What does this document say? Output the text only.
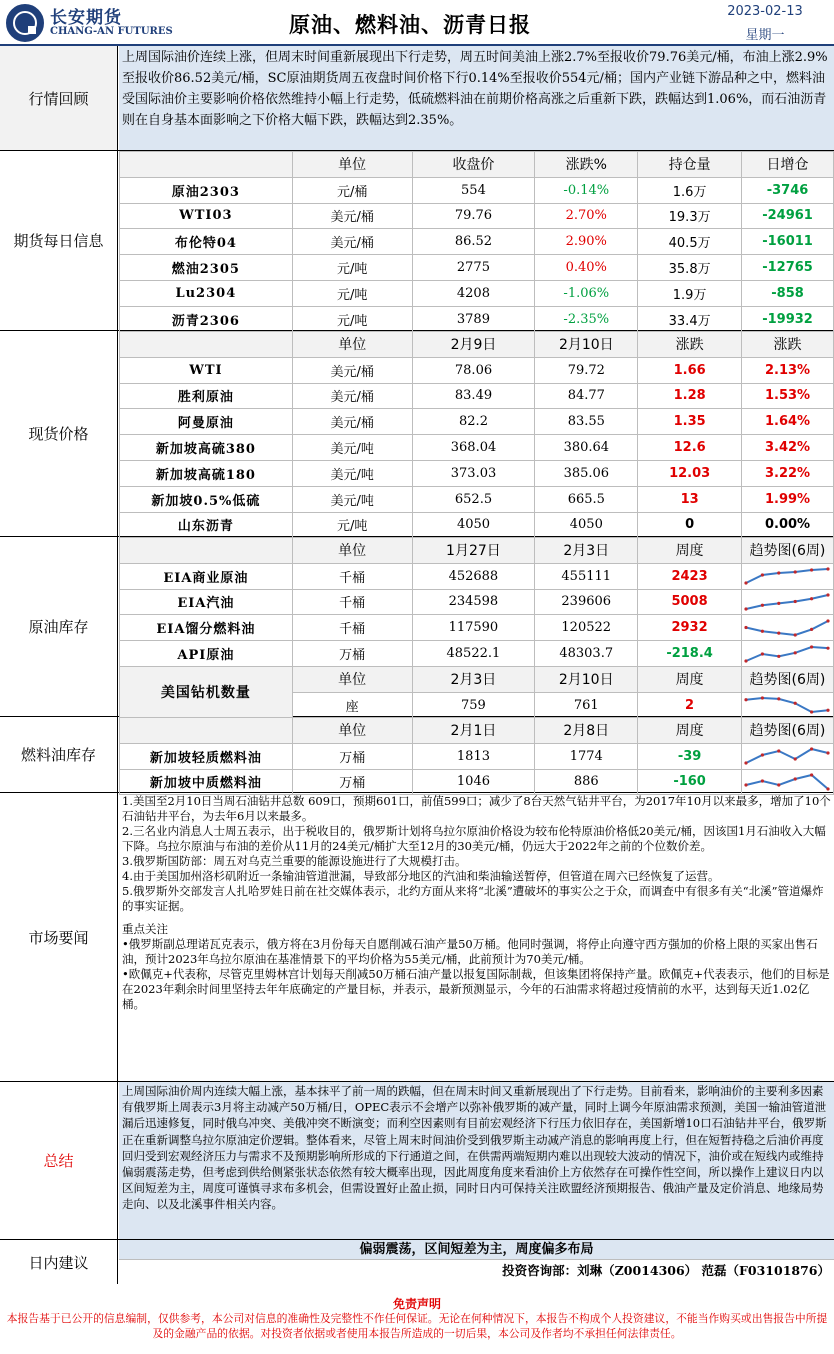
长安期货
CHANG-AN FUTURES	原油、燃料油、沥青日报
2023-02-13
星期一
行情回顾
上周国际油价连续上涨，但周末时间重新展现出下行走势，周五时间美油上涨2.7%至报收价79.76美元/桶，布油上涨2.9%至报收价86.52美元/桶，SC原油期货周五夜盘时间价格下行0.14%至报收价554元/桶；国内产业链下游品种之中，燃料油受国际油价主要影响价格依然维持小幅上行走势，低硫燃料油在前期价格高涨之后重新下跌，跌幅达到1.06%，而石油沥青则在自身基本面影响之下价格大幅下跌，跌幅达到2.35%。
期货每日信息
	单位	收盘价	涨跌%	持仓量	日增仓
原油2303	元/桶	554	-0.14%	1.6万	-3746
WTI03	美元/桶	79.76	2.70%	19.3万	-24961
布伦特04	美元/桶	86.52	2.90%	40.5万	-16011
燃油2305	元/吨	2775	0.40%	35.8万	-12765
Lu2304	元/吨	4208	-1.06%	1.9万	-858
沥青2306	元/吨	3789	-2.35%	33.4万	-19932
现货价格
	单位	2月9日	2月10日	涨跌	涨跌
WTI	美元/桶	78.06	79.72	1.66	2.13%
胜利原油	美元/桶	83.49	84.77	1.28	1.53%
阿曼原油	美元/桶	82.2	83.55	1.35	1.64%
新加坡高硫380	美元/吨	368.04	380.64	12.6	3.42%
新加坡高硫180	美元/吨	373.03	385.06	12.03	3.22%
新加坡0.5%低硫	美元/吨	652.5	665.5	13	1.99%
山东沥青	元/吨	4050	4050	0	0.00%
原油库存
	单位	1月27日	2月3日	周度	趋势图(6周)
EIA商业原油	千桶	452688	455111	2423	

EIA汽油	千桶	234598	239606	5008	

EIA馏分燃料油	千桶	117590	120522	2932	

API原油	万桶	48522.1	48303.7	-218.4	

美国钻机数量	单位	2月3日	2月10日	周度	趋势图(6周)
	座	759	761	2	
燃料油库存
	单位	2月1日	2月8日	周度	趋势图(6周)
新加坡轻质燃料油	万桶	1813	1774	-39	

新加坡中质燃料油	万桶	1046	886	-160	
市场要闻
1.美国至2月10日当周石油钻井总数 609口，预期601口，前值599口；减少了8台天然气钻井平台，为2017年10月以来最多，增加了10个石油钻井平台，为去年6月以来最多。
2.三名业内消息人士周五表示，出于税收目的，俄罗斯计划将乌拉尔原油价格设为较布伦特原油价格低20美元/桶，因该国1月石油收入大幅下降。乌拉尔原油与布油的差价从11月的24美元/桶扩大至12月的30美元/桶，仍远大于2022年之前的个位数价差。
3.俄罗斯国防部：周五对乌克兰重要的能源设施进行了大规模打击。
4.由于美国加州洛杉矶附近一条输油管道泄漏，导致部分地区的汽油和柴油输送暂停，但管道在周六已经恢复了运营。
5.俄罗斯外交部发言人扎哈罗娃日前在社交媒体表示，北约方面从来将“北溪”遭破坏的事实公之于众，而调查中有很多有关“北溪”管道爆炸的事实证据。
重点关注
•俄罗斯副总理诺瓦克表示，俄方将在3月份每天自愿削减石油产量50万桶。他同时强调，将停止向遵守西方强加的价格上限的买家出售石油，预计2023年乌拉尔原油在基准情景下的平均价格为55美元/桶，此前预计为70美元/桶。
•欧佩克+代表称，尽管克里姆林宫计划每天削减50万桶石油产量以报复国际制裁，但该集团将保持产量。欧佩克+代表表示，他们的目标是在2023年剩余时间里坚持去年年底确定的产量目标，并表示，最新预测显示，今年的石油需求将超过疫情前的水平，达到每天近1.02亿桶。
总结
上周国际油价周内连续大幅上涨，基本抹平了前一周的跌幅，但在周末时间又重新展现出了下行走势。目前看来，影响油价的主要利多因素有俄罗斯上周表示3月将主动减产50万桶/日，OPEC表示不会增产以弥补俄罗斯的减产量，同时上调今年原油需求预测，美国一输油管道泄漏后迅速修复，同时俄乌冲突、美俄冲突不断演变；而利空因素则有目前宏观经济下行压力依旧存在，美国新增10口石油钻井平台，俄罗斯正在重新调整乌拉尔原油定价逻辑。整体看来，尽管上周末时间油价受到俄罗斯主动减产消息的影响再度上行，但在短暂持稳之后油价再度回归受到宏观经济压力与需求不及预期影响所形成的下行通道之间，在供需两端短期内难以出现较大波动的情况下，油价或在短线内或维持偏弱震荡走势，但考虑到供给侧紧张状态依然有较大概率出现，因此周度角度来看油价上方依然存在可操作性空间，所以操作上建议日内以区间短差为主，周度可谨慎寻求布多机会，但需设置好止盈止损，同时日内可保持关注欧盟经济预期报告、俄油产量及定价消息、地缘局势走向、以及北溪事件相关内容。
日内建议
偏弱震荡，区间短差为主，周度偏多布局
投资咨询部：刘琳（Z0014306） 范磊（F03101876）
免责声明
本报告基于已公开的信息编制，仅供参考，本公司对信息的准确性及完整性不作任何保证。无论在何种情况下，本报告不构成个人投资建议，不能当作购买或出售报告中所提及的金融产品的依据。对投资者依据或者使用本报告所造成的一切后果，本公司及作者均不承担任何法律责任。
